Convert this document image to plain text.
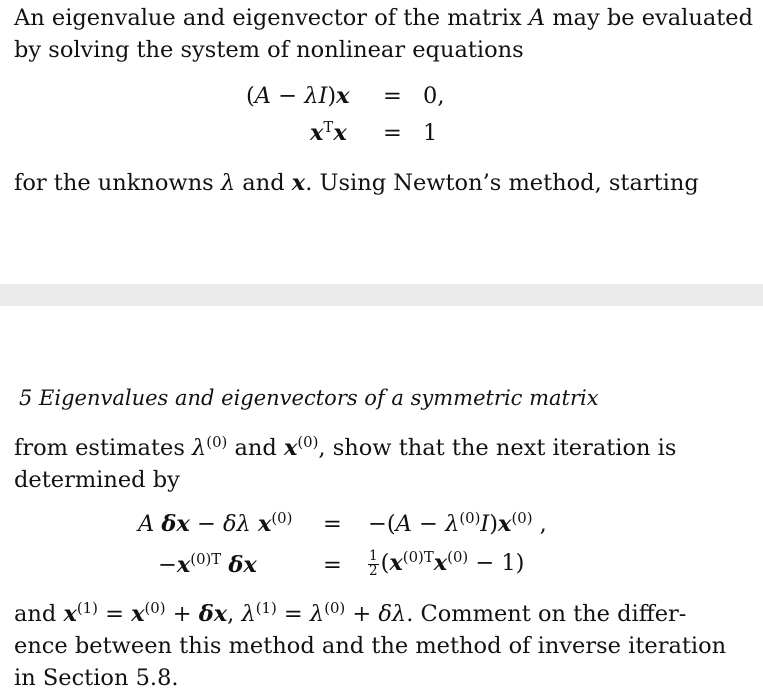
An eigenvalue and eigenvector of the matrix A may be evaluated
by solving the system of nonlinear equations
(A − λI)x = 0,
$x^Tx = 1$
for the unknowns λ and x. Using Newton’s method, starting
5 Eigenvalues and eigenvectors of a symmetric matrix
from estimates $\lambda^{(0)}$ and $x^{(0)}$, show that the next iteration is
determined by
A δx − δλ $x^{(0)} = -(A - \lambda^{(0)}I)x^{(0)}$ ,
$-x^{(0)T}$ δx	= $\frac{1}{2} (x^{(0)T}x^{(0)} - 1)$
and $x^{(1)} = x^{(0)} + \delta x$, $\lambda^{(1)} = \lambda^{(0)} + \delta\lambda$. Comment on the differ-
ence between this method and the method of inverse iteration
in Section 5.8.
